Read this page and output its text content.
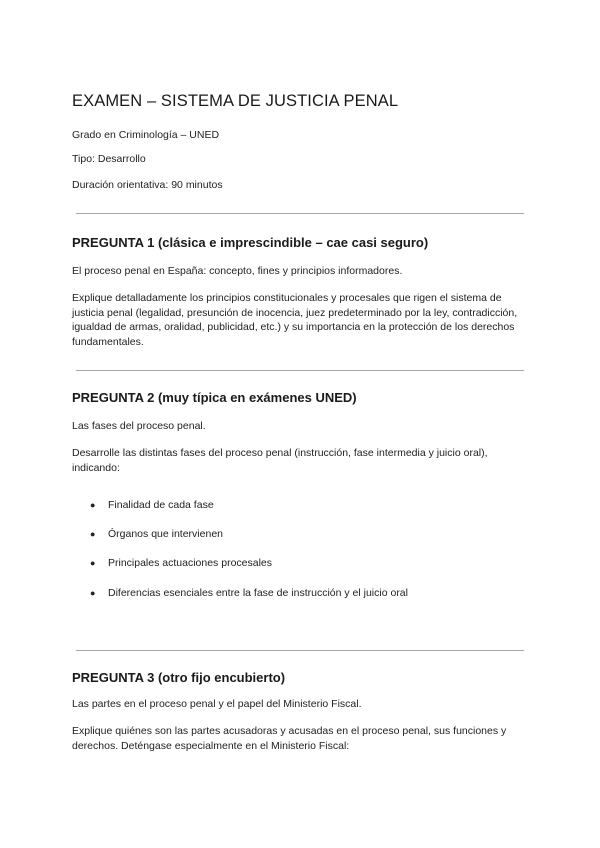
EXAMEN – SISTEMA DE JUSTICIA PENAL

Grado en Criminología – UNED

Tipo: Desarrollo

Duración orientativa: 90 minutos

PREGUNTA 1 (clásica e imprescindible – cae casi seguro)

El proceso penal en España: concepto, fines y principios informadores.

Explique detalladamente los principios constitucionales y procesales que rigen el sistema de justicia penal (legalidad, presunción de inocencia, juez predeterminado por la ley, contradicción, igualdad de armas, oralidad, publicidad, etc.) y su importancia en la protección de los derechos fundamentales.

PREGUNTA 2 (muy típica en exámenes UNED)

Las fases del proceso penal.

Desarrolle las distintas fases del proceso penal (instrucción, fase intermedia y juicio oral), indicando:

● Finalidad de cada fase

● Órganos que intervienen

● Principales actuaciones procesales

● Diferencias esenciales entre la fase de instrucción y el juicio oral

PREGUNTA 3 (otro fijo encubierto)

Las partes en el proceso penal y el papel del Ministerio Fiscal.

Explique quiénes son las partes acusadoras y acusadas en el proceso penal, sus funciones y derechos. Deténgase especialmente en el Ministerio Fiscal:
